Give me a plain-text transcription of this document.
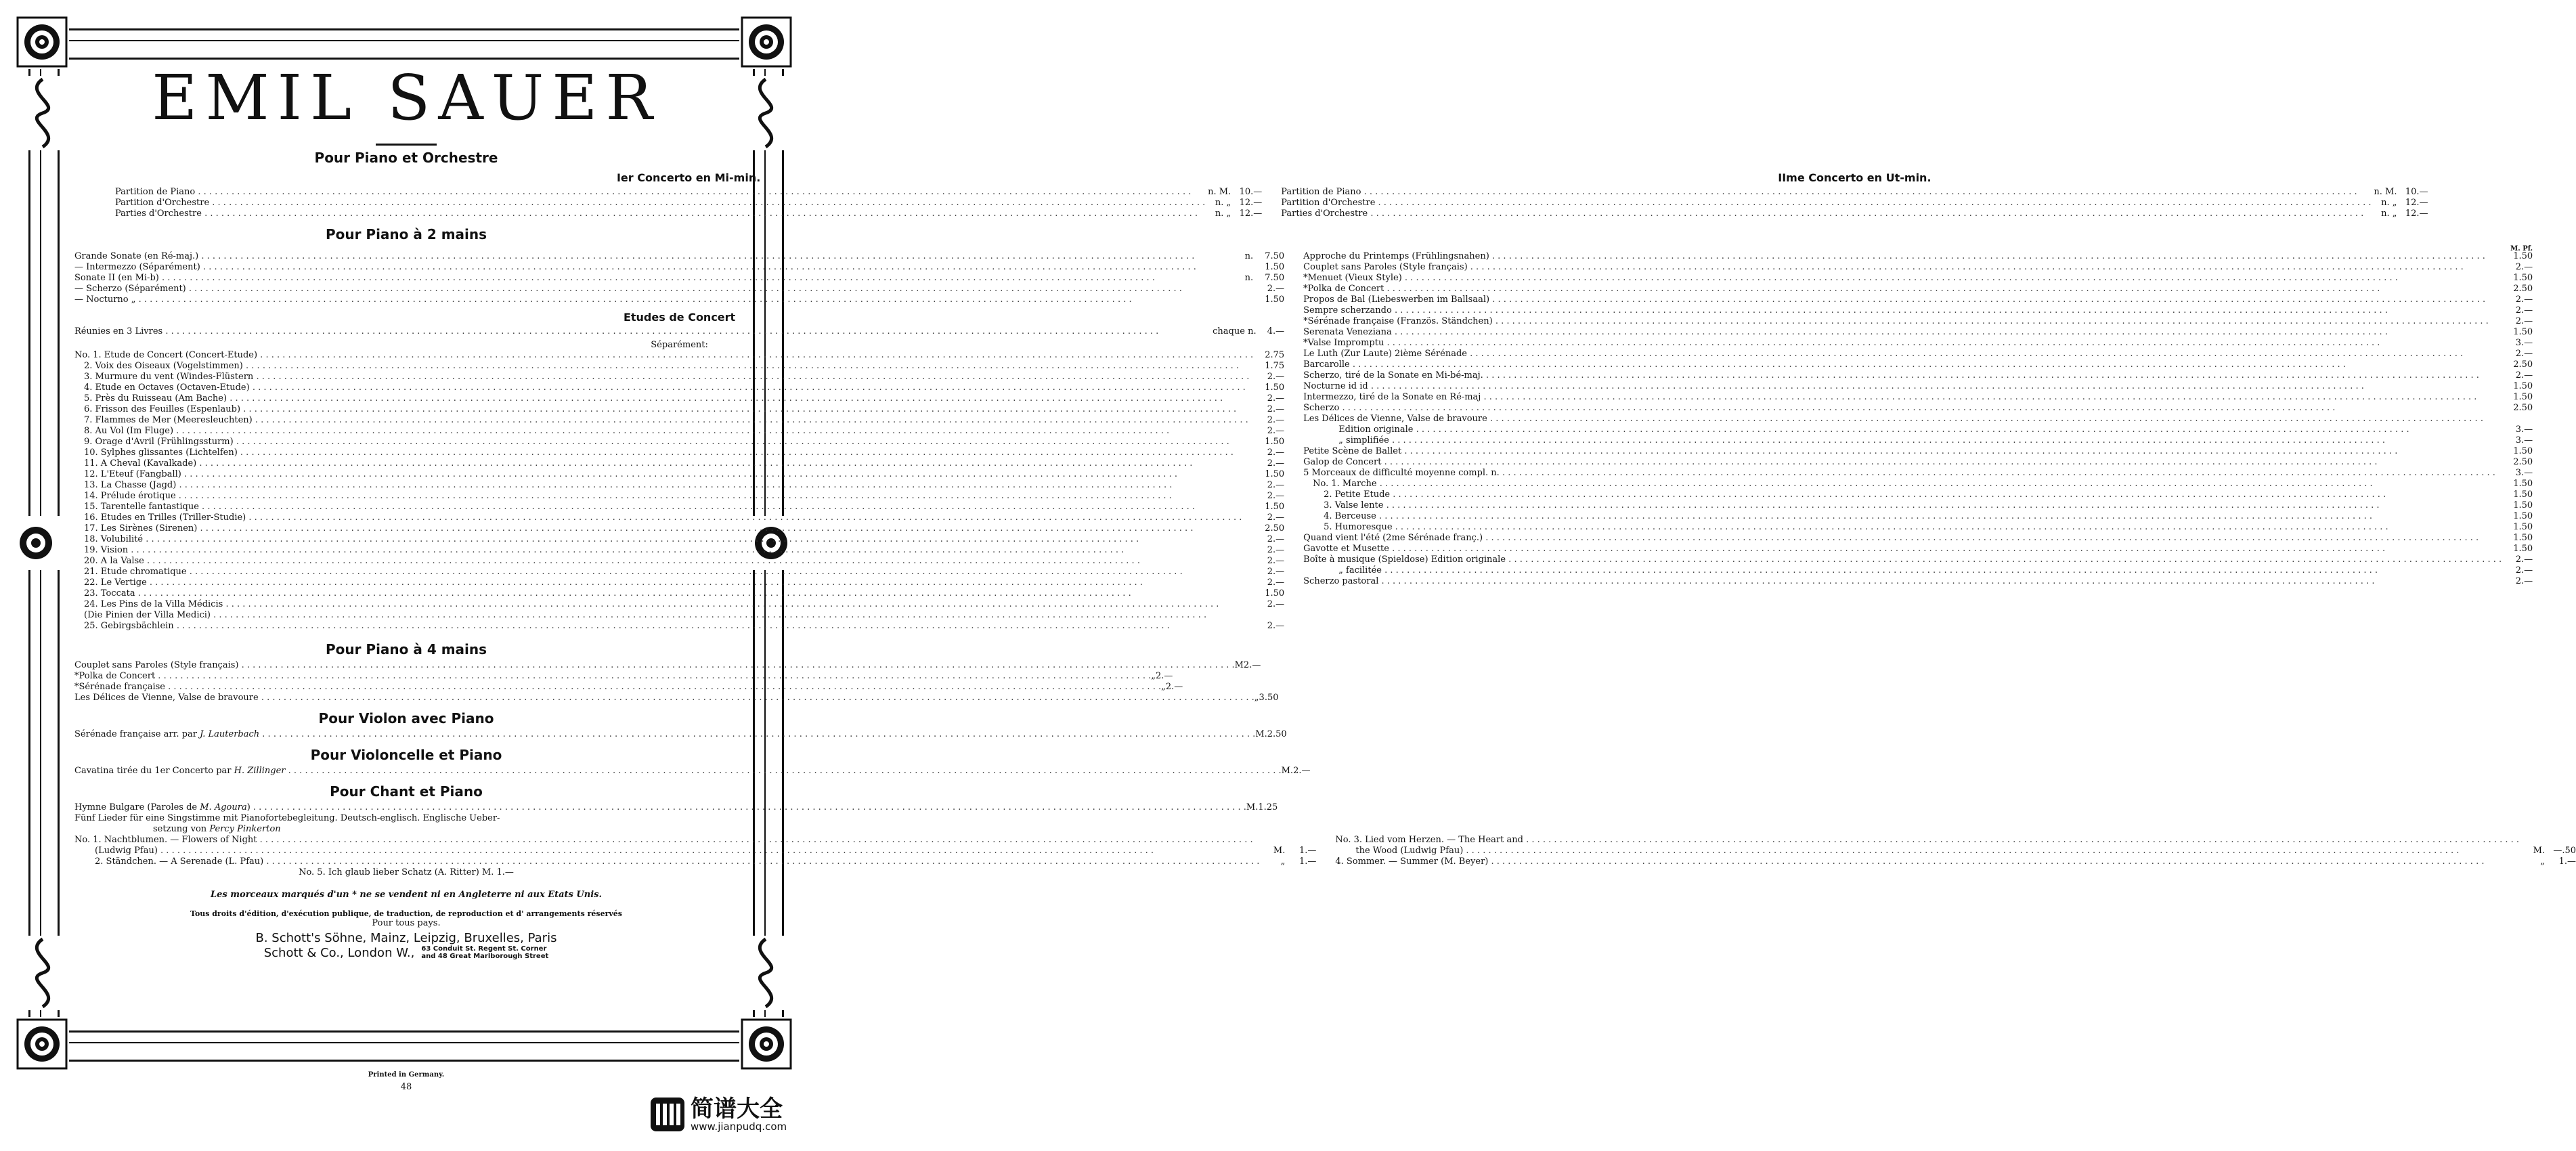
EMIL SAUER
Pour Piano et Orchestre
Ier Concerto en Mi-min.
Partition de Piano . . .	n. M. 10.—
Partition d'Orchestre . . .	n. „ 12.—
Parties d'Orchestre . . .	n. „ 12.—
IIme Concerto en Ut-min.
Partition de Piano . . .	n. M. 10.—
Partition d'Orchestre . . .	n. „ 12.—
Parties d'Orchestre . . .	n. „ 12.—
Pour Piano à 2 mains

Grande Sonate (en Ré-maj.) . . .	n.	7.50
— Intermezzo (Séparément) . . .	1.50
Sonate II (en Mi-b) . . .	n.	7.50
— Scherzo (Séparément) . . .	2.—
— Nocturno „ . . .	1.50
Etudes de Concert
Réunies en 3 Livres . . .	chaque n.	4.—
Séparément:
No. 1. Etude de Concert (Concert-Etude) . . .	2.75
2. Voix des Oiseaux (Vogelstimmen) . . .	1.75
3. Murmure du vent (Windes-Flüstern . . .	2.—
4. Etude en Octaves (Octaven-Etude) . . .	1.50
5. Près du Ruisseau (Am Bache) . . .	2.—
6. Frisson des Feuilles (Espenlaub) . . .	2.—
7. Flammes de Mer (Meeresleuchten) . . .	2.—
8. Au Vol (Im Fluge) . . .	2.—
9. Orage d'Avril (Frühlingssturm) . . .	1.50
10. Sylphes glissantes (Lichtelfen) . . .	2.—
11. A Cheval (Kavalkade) . . .	2.—
12. L'Eteuf (Fangball) . . .	1.50
13. La Chasse (Jagd) . . .	2.—
14. Prélude érotique . . .	2.—
15. Tarentelle fantastique . . .	1.50
16. Etudes en Trilles (Triller-Studie) . . .	2.—
17. Les Sirènes (Sirenen) . . .	2.50
18. Volubilité . . .	2.—
19. Vision . . .	2.—
20. A la Valse . . .	2.—
21. Etude chromatique . . .	2.—
22. Le Vertige . . .	2.—
23. Toccata . . .	1.50
24. Les Pins de la Villa Médicis . . .	2.—
(Die Pinien der Villa Medici) . . .
25. Gebirgsbächlein . . .	2.—
M. Pf.
Approche du Printemps (Frühlingsnahen) . . .	1.50
Couplet sans Paroles (Style français) . . .	2.—
*Menuet (Vieux Style) . . .	1.50
*Polka de Concert . . .	2.50
Propos de Bal (Liebeswerben im Ballsaal) . . .	2.—
Sempre scherzando . . .	2.—
*Sérénade française (Französ. Ständchen) . . .	2.—
Serenata Veneziana . . .	1.50
*Valse Impromptu . . .	3.—
Le Luth (Zur Laute) 2ième Sérénade . . .	2.—
Barcarolle . . .	2.50
Scherzo, tiré de la Sonate en Mi-bé-maj. . . .	2.—
Nocturne id id . . .	1.50
Intermezzo, tiré de la Sonate en Ré-maj . . .	1.50
Scherzo . . .	2.50
Les Délices de Vienne, Valse de bravoure . . .
Edition originale . . .	3.—
„ simplifiée . . .	3.—
Petite Scène de Ballet . . .	1.50
Galop de Concert . . .	2.50
5 Morceaux de difficulté moyenne compl. n. . . .	3.—
No. 1. Marche . . .	1.50
2. Petite Etude . . .	1.50
3. Valse lente . . .	1.50
4. Berceuse . . .	1.50
5. Humoresque . . .	1.50
Quand vient l'été (2me Sérénade franç.) . . .	1.50
Gavotte et Musette . . .	1.50
Boîte à musique (Spieldose) Edition originale . . .	2.—
„ facilitée . . .	2.—
Scherzo pastoral . . .	2.—
Pour Piano à 4 mains
Couplet sans Paroles (Style français) . . .	M 2.—
*Polka de Concert . . .	„ 2.—
*Sérénade française . . .	„ 2.—
Les Délices de Vienne, Valse de bravoure . . .	„ 3.50
Pour Violon avec Piano
Sérénade française arr. par J. Lauterbach . . .	M. 2.50
Pour Violoncelle et Piano
Cavatina tirée du 1er Concerto par H. Zillinger . . .	M. 2.—
Pour Chant et Piano
Hymne Bulgare (Paroles de M. Agoura) . . .	M. 1.25
Fünf Lieder für eine Singstimme mit Pianofortebegleitung. Deutsch-englisch. Englische Ueber-
setzung von Percy Pinkerton
No. 1. Nachtblumen. — Flowers of Night . . .
(Ludwig Pfau) . . .	M.	1.—
2. Ständchen. — A Serenade (L. Pfau) . . .	„	1.—
No. 3. Lied vom Herzen. — The Heart and . . .
the Wood (Ludwig Pfau) . . .	M. —.50
4. Sommer. — Summer (M. Beyer) . . .	„	1.—
No. 5. Ich glaub lieber Schatz (A. Ritter) M. 1.—
Les morceaux marqués d'un * ne se vendent ni en Angleterre ni aux Etats Unis.
Tous droits d'édition, d'exécution publique, de traduction, de reproduction et d' arrangements réservés
Pour tous pays.
B. Schott's Söhne, Mainz, Leipzig, Bruxelles, Paris
Schott & Co., London W., 63 Conduit St. Regent St. Corner
and 48 Great Marlborough Street
Printed in Germany.
48
简谱大全
www.jianpudq.com
